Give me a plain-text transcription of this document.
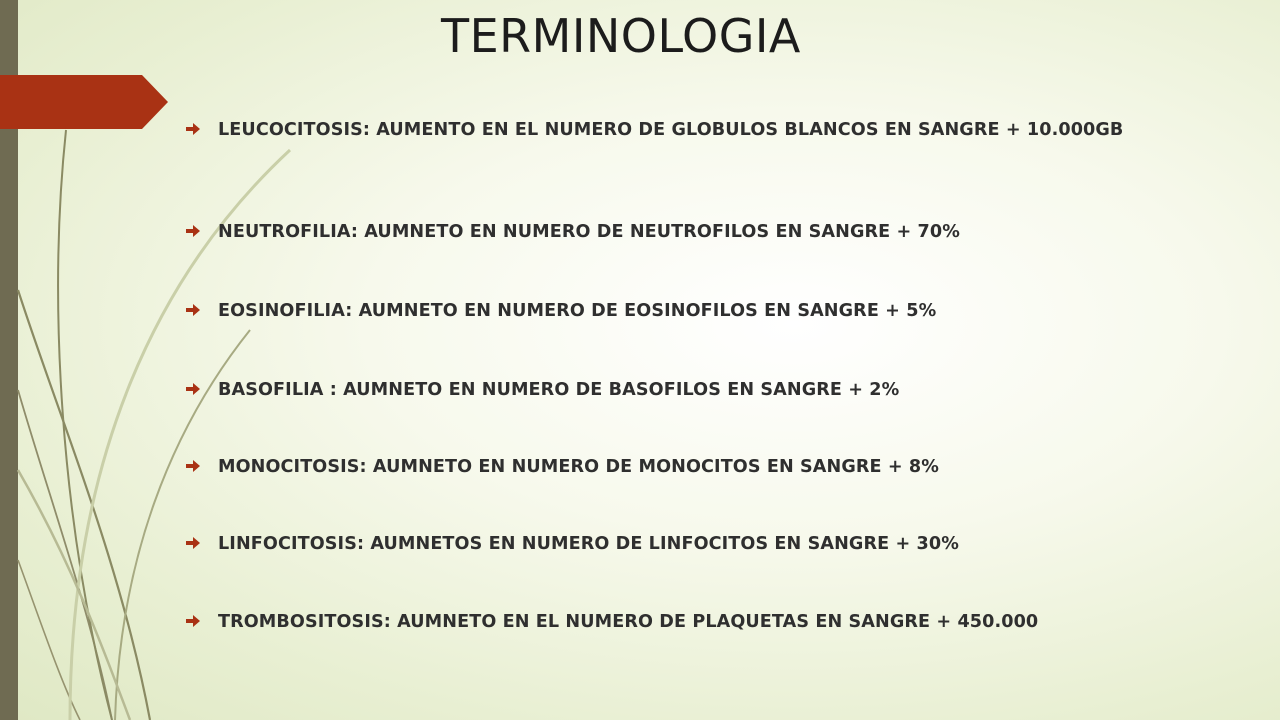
TERMINOLOGIA
LEUCOCITOSIS: AUMENTO EN EL NUMERO DE GLOBULOS BLANCOS EN SANGRE + 10.000GB
NEUTROFILIA: AUMNETO EN NUMERO DE NEUTROFILOS EN SANGRE + 70%
EOSINOFILIA: AUMNETO EN NUMERO DE EOSINOFILOS EN SANGRE + 5%
BASOFILIA : AUMNETO EN NUMERO DE BASOFILOS EN SANGRE + 2%
MONOCITOSIS: AUMNETO EN NUMERO DE MONOCITOS EN SANGRE + 8%
LINFOCITOSIS: AUMNETOS EN NUMERO DE LINFOCITOS EN SANGRE + 30%
TROMBOSITOSIS: AUMNETO EN EL NUMERO DE PLAQUETAS EN SANGRE + 450.000
